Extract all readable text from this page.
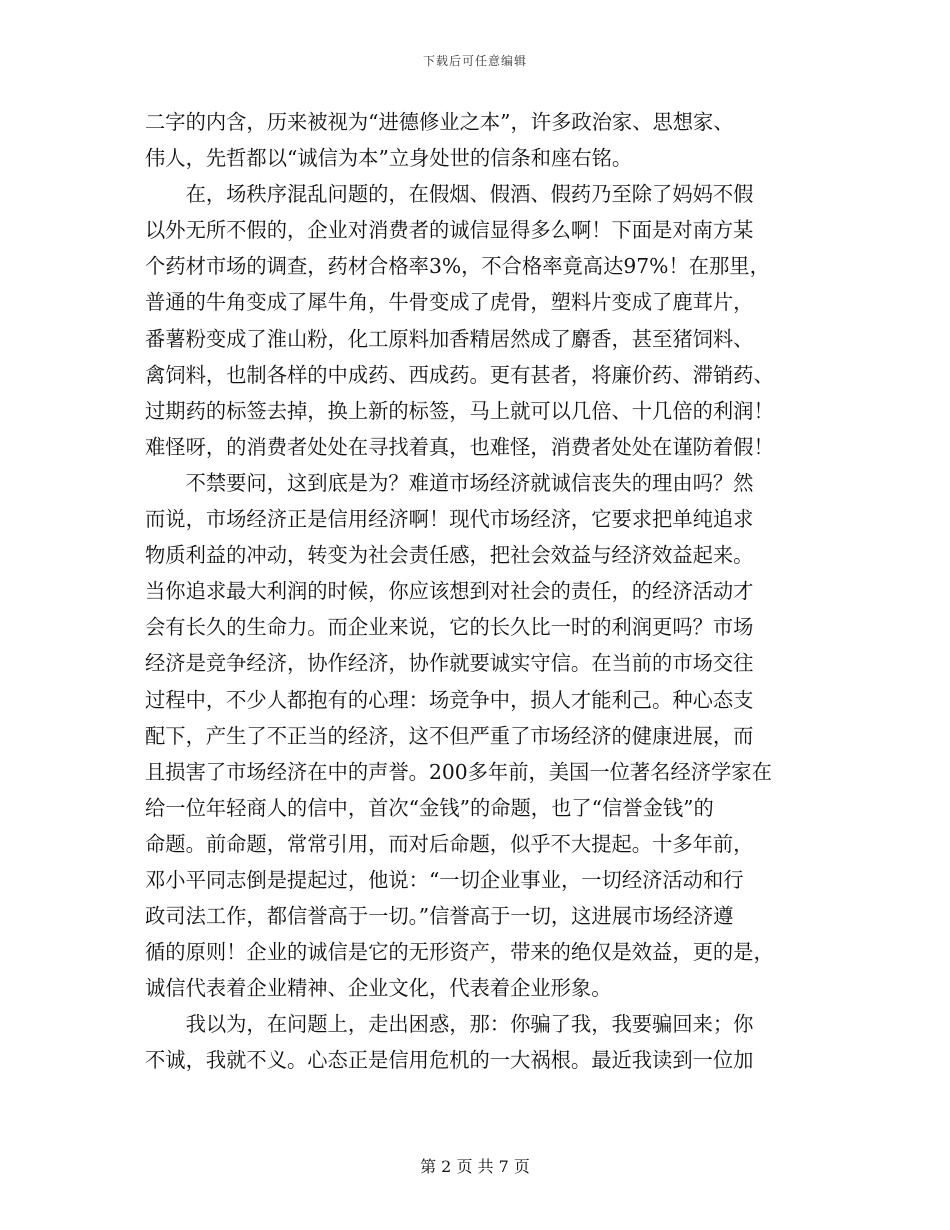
下载后可任意编辑

二字的内含，历来被视为“进德修业之本”，许多政治家、思想家、

伟人，先哲都以“诚信为本”立身处世的信条和座右铭。

　　在，场秩序混乱问题的，在假烟、假酒、假药乃至除了妈妈不假

以外无所不假的，企业对消费者的诚信显得多么啊！下面是对南方某

个药材市场的调查，药材合格率3%，不合格率竟高达97%！在那里，

普通的牛角变成了犀牛角，牛骨变成了虎骨，塑料片变成了鹿茸片，

番薯粉变成了淮山粉，化工原料加香精居然成了麝香，甚至猪饲料、

禽饲料，也制各样的中成药、西成药。更有甚者，将廉价药、滞销药、

过期药的标签去掉，换上新的标签，马上就可以几倍、十几倍的利润！

难怪呀，的消费者处处在寻找着真，也难怪，消费者处处在谨防着假！

　　不禁要问，这到底是为？难道市场经济就诚信丧失的理由吗？然

而说，市场经济正是信用经济啊！现代市场经济，它要求把单纯追求

物质利益的冲动，转变为社会责任感，把社会效益与经济效益起来。

当你追求最大利润的时候，你应该想到对社会的责任，的经济活动才

会有长久的生命力。而企业来说，它的长久比一时的利润更吗？市场

经济是竞争经济，协作经济，协作就要诚实守信。在当前的市场交往

过程中，不少人都抱有的心理：场竞争中，损人才能利己。种心态支

配下，产生了不正当的经济，这不但严重了市场经济的健康进展，而

且损害了市场经济在中的声誉。200多年前，美国一位著名经济学家在

给一位年轻商人的信中，首次“金钱”的命题，也了“信誉金钱”的

命题。前命题，常常引用，而对后命题，似乎不大提起。十多年前，

邓小平同志倒是提起过，他说：“一切企业事业，一切经济活动和行

政司法工作，都信誉高于一切。”信誉高于一切，这进展市场经济遵

循的原则！企业的诚信是它的无形资产，带来的绝仅是效益，更的是，

诚信代表着企业精神、企业文化，代表着企业形象。

　　我以为，在问题上，走出困惑，那：你骗了我，我要骗回来；你

不诚，我就不义。心态正是信用危机的一大祸根。最近我读到一位加

第 2 页 共 7 页
